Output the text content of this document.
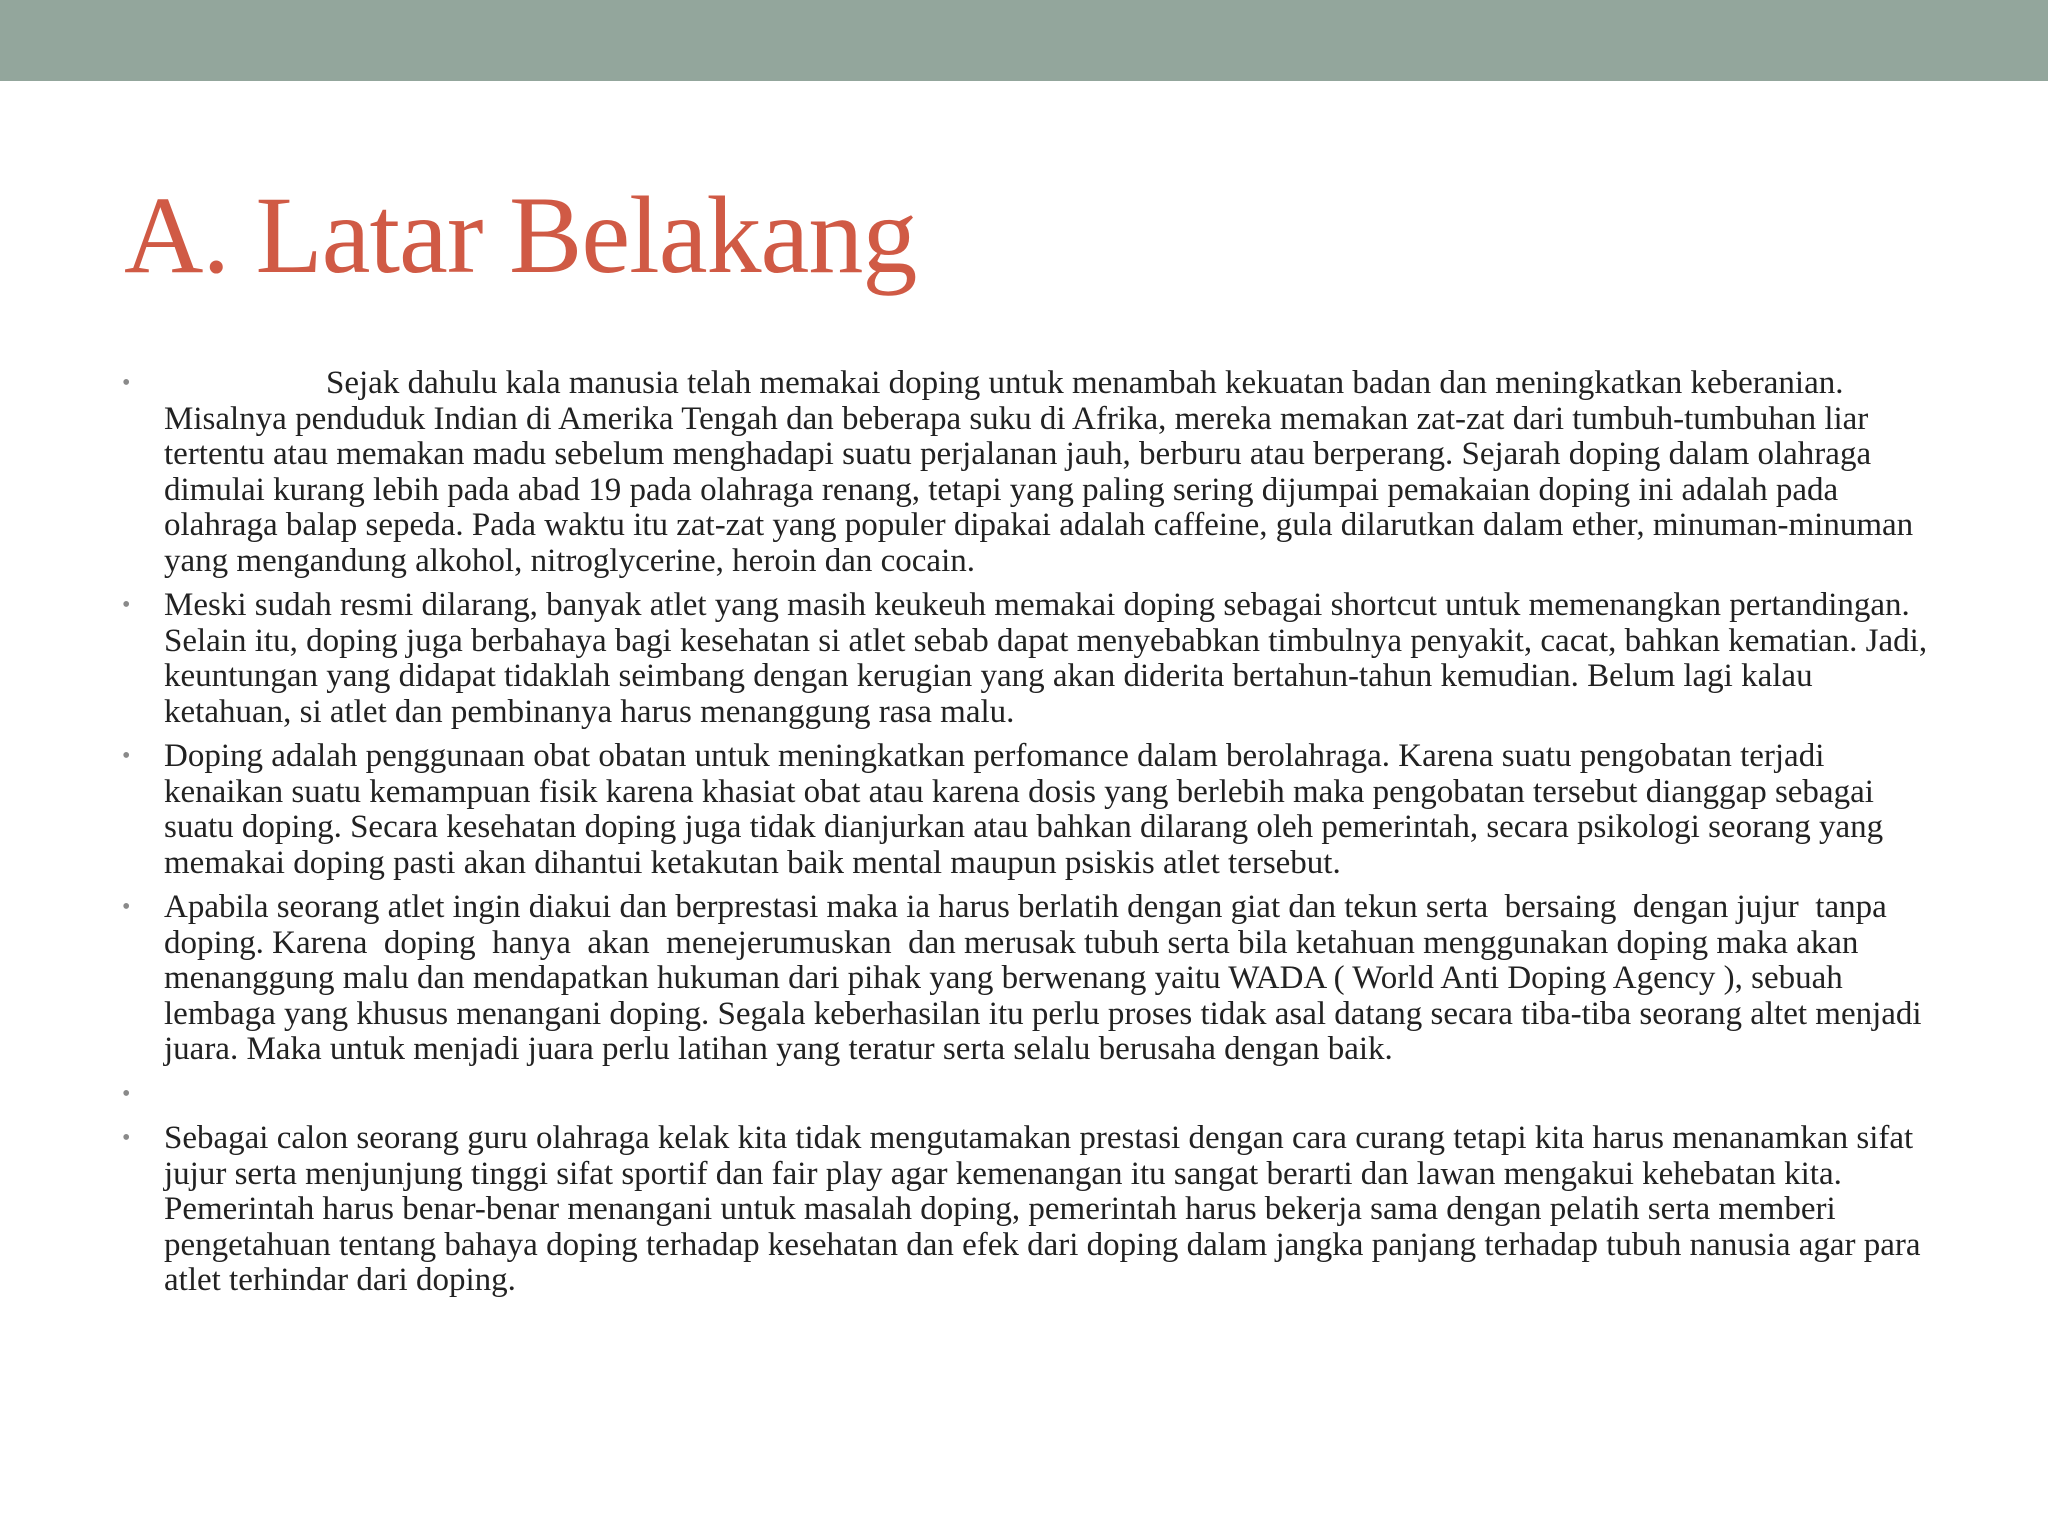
A. Latar Belakang
•	Sejak dahulu kala manusia telah memakai doping untuk menambah kekuatan badan dan meningkatkan keberanian. Misalnya penduduk Indian di Amerika Tengah dan beberapa suku di Afrika, mereka memakan zat-zat dari tumbuh-tumbuhan liar tertentu atau memakan madu sebelum menghadapi suatu perjalanan jauh, berburu atau berperang. Sejarah doping dalam olahraga dimulai kurang lebih pada abad 19 pada olahraga renang, tetapi yang paling sering dijumpai pemakaian doping ini adalah pada olahraga balap sepeda. Pada waktu itu zat-zat yang populer dipakai adalah caffeine, gula dilarutkan dalam ether, minuman-minuman yang mengandung alkohol, nitroglycerine, heroin dan cocain.
• Meski sudah resmi dilarang, banyak atlet yang masih keukeuh memakai doping sebagai shortcut untuk memenangkan pertandingan. Selain itu, doping juga berbahaya bagi kesehatan si atlet sebab dapat menyebabkan timbulnya penyakit, cacat, bahkan kematian. Jadi, keuntungan yang didapat tidaklah seimbang dengan kerugian yang akan diderita bertahun-tahun kemudian. Belum lagi kalau ketahuan, si atlet dan pembinanya harus menanggung rasa malu.
• Doping adalah penggunaan obat obatan untuk meningkatkan perfomance dalam berolahraga. Karena suatu pengobatan terjadi kenaikan suatu kemampuan fisik karena khasiat obat atau karena dosis yang berlebih maka pengobatan tersebut dianggap sebagai suatu doping. Secara kesehatan doping juga tidak dianjurkan atau bahkan dilarang oleh pemerintah, secara psikologi seorang yang memakai doping pasti akan dihantui ketakutan baik mental maupun psiskis atlet tersebut.
• Apabila seorang atlet ingin diakui dan berprestasi maka ia harus berlatih dengan giat dan tekun serta  bersaing  dengan jujur  tanpa  doping. Karena  doping  hanya  akan  menejerumuskan  dan merusak tubuh serta bila ketahuan menggunakan doping maka akan menanggung malu dan mendapatkan hukuman dari pihak yang berwenang yaitu WADA ( World Anti Doping Agency ), sebuah lembaga yang khusus menangani doping. Segala keberhasilan itu perlu proses tidak asal datang secara tiba-tiba seorang altet menjadi juara. Maka untuk menjadi juara perlu latihan yang teratur serta selalu berusaha dengan baik.
•
• Sebagai calon seorang guru olahraga kelak kita tidak mengutamakan prestasi dengan cara curang tetapi kita harus menanamkan sifat jujur serta menjunjung tinggi sifat sportif dan fair play agar kemenangan itu sangat berarti dan lawan mengakui kehebatan kita. Pemerintah harus benar-benar menangani untuk masalah doping, pemerintah harus bekerja sama dengan pelatih serta memberi pengetahuan tentang bahaya doping terhadap kesehatan dan efek dari doping dalam jangka panjang terhadap tubuh nanusia agar para atlet terhindar dari doping.
